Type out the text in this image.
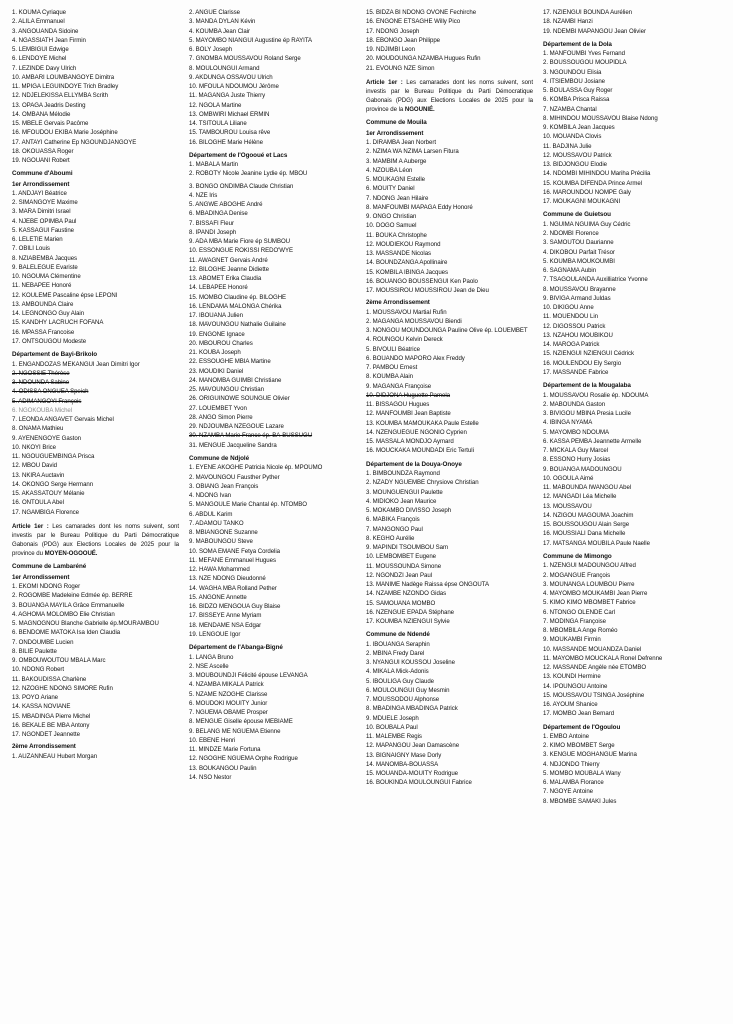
1. KOUMA Cyriaque
2. ALILA Emmanuel
3. ANGOUANDA Sidoine
4. NGASSIATH Jean Firmin
5. LEMBIGUI Edwige
6. LENDOYE Michel
7. LEZINDE Davy Ulrich
10. AMBARI LOUMBANGOYE Dimitra
11. MPIGA LEGUINDOYE Trich Bradley
12. NDJELEKISSA ELLYMBA Scrith
13. OPAGA Jeadris Desting
14. OMBANA Mélodie
15. MBELE Gervais Pacôme
16. MFOUDOU EKIBA Marie Joséphine
17. ANTAYI Catherine Ep NGOUNDJANGOYE
18. OKOUASSA Roger
19. NGOUANI Robert
Commune d'Aboumi
1er Arrondissement
1. ANDJAYI Béatrice
2. SIMANGOYE Maxime
3. MARA Dimitri Israel
4. NJEBE OPIMBA Paul
5. KASSAGUI Faustine
6. LELETIE Marien
7. OBILI Louis
8. NZIABEMBA Jacques
9. BALELEGUE Evariste
10. NGOUMA Clémentine
11. NEBAPEE Honoré
12. KOULEME Pascaline épse LEPONI
13. AMBOUNDA Claire
14. LEGNONGO Guy Alain
15. KANDHY LACRUCH FOFANA
16. MPASSA Francoise
17. ONTSOUGOU Modeste
Département de Bayi-Brikolo
1. ENGANDOZAS MEKANGUI Jean Dimitri Igor
2. NGOSSIE Thérèse
3. NDOUNDA Sabine
4. ODISSA ONGUEA Speich
5. ADIMANGOYI François
6. NGOKOUBA Michel
7. LEONDA ANGAVET Gervais Michel
8. ONAMA Mathieu
9. AYENENGOYE Gaston
10. NKOYI Brice
11. NGOUGUEMBINGA Prisca
12. MBOU David
13. NKIRA Auctavin
14. OKONGO Serge Hermann
15. AKASSATOUY Mélanie
16. ONTOULA Abel
17. NGAMBIGA Florence
Article 1er : Les camarades dont les noms suivent, sont investis par le Bureau Politique du Parti Démocratique Gabonais (PDG) aux Elections Locales de 2025 pour la province du MOYEN-OGOOUÉ.
Commune de Lambaréné
1er Arrondissement
1. EKOMI NDONG Roger
2. ROGOMBE Madeleine Edmée ép. BERRE
3. BOUANGA MAYILA Grâce Emmanuelle
4. AGHOMA MOLOMBO Elie Christian
5. MAGNOGNOU Blanche Gabrielle ép.MOURAMBOU
6. BENDOME MATOKA Isa Iden Claudia
7. ONDOUMBE Lucien
8. BILIE Paulette
9. OMBOUWOUTOU MBALA Marc
10. NDONG Robert
11. BAKOUDISSA Charlène
12. NZOGHE NDONG SIMORE Rufin
13. POYO Ariane
14. KASSA NOVIANE
15. MBADINGA Pierre Michel
16. BEKALE BE MBA Antony
17. NGONDET Jeannette
2ème Arrondissement
1. AUZANNEAU Hubert Morgan
2. ANGUE Clarisse
3. MANDA DYLAN Kévin
4. KOUMBA Jean Clair
5. MAYOMBO NIANGUI Augustine ép RAYITA
6. BOLY Joseph
7. GNOMBA MOUSSAVOU Roland Serge
8. MOULOUNGUI Armand
9. AKDUNGA OSSAVOU Ulrich
10. MFOULA NDOUMOU Jérôme
11. MAGANGA Juste Thierry
12. NGOLA Martine
13. OMBWIRI Michael ERMIN
14. TSITOULA Liliane
15. TAMBOUROU Louisa rêve
16. BILOGHE Marie Hélène
Département de l'Ogooué et Lacs
1. MABALA Martin
2. ROBOTY Nicole Jeanine Lydie ép. MBOU
3. BONGO ONDIMBA Claude Christian
4. NZE Iris
5. ANGWE ABOGHE André
6. MBADINGA Denise
7. BISSAFI Fleur
8. IPANDI Joseph
9. ADA MBA Marie Fiore ép SUMBOU
10. ESSONGUE ROKISSI REDO'WYE
11. AWAGNET Gervais André
12. BILOGHE Jeanne Didiette
13. ABOMET Erika Claudia
14. LEBAPEE Honoré
15. MOMBO Claudine ép. BILOGHE
16. LENDAMA MALONGA Chérika
17. IBOUANA Julien
18. MAVOUNGOU Nathalie Guilaine
19. ENGONE Ignace
20. MBOUROU Charles
21. KOUBA Joseph
22. ESSOUGHE MBIA Martine
23. MOUDIKI Daniel
24. MANOMBA GUIMBI Christiane
25. MAVOUNGOU Christian
26. ORIGUINOWE SOUNGUE Olivier
27. LOUEMBET Yvon
28. ANGO Simon Pierre
29. NDJOUMBA NZEGOUE Lazare
30. NZAMBA Marie France ép. BA-BUSSUGU
31. MENGUE Jacqueline Sandra
Commune de Ndjolé
1. EYENE AKOGHE Patricia Nicole ép. MPOUMO
2. MAVOUNGOU Fausther Pyther
3. OBIANG Jean François
4. NDONG Ivan
5. MANGOULE Marie Chantal ép. NTOMBO
6. ABDUL Karim
7. ADAMOU TANKO
8. MBIANGONE Suzanne
9. MABOUNGOU Steve
10. SOMA EMANE Fetya Cordelia
11. MEFANE Emmanuel Hugues
12. HAWA Mohammed
13. NZE NDONG Dieudonné
14. WAGHA MBA Rolland Pether
15. ANGONE Annette
16. BIDZO MENGOUA Guy Blaise
17. BISSEYE Anne Myriam
18. MENDAME NSA Edgar
19. LENGOUE Igor
Département de l'Abanga-Bigné
1. LANGA Bruno
2. NSE Ascelle
3. MOUBOUNDJI Félicité épouse LEVANGA
4. NZAMBA MIKALA Patrick
5. NZAME NZOGHE Clarisse
6. MOUDOKI MOUITY Junior
7. NGUEMA OBAME Prosper
8. MENGUE Giselle épouse MEBIAME
9. BELANG ME NGUEMA Etienne
10. EBENE Henri
11. MINDZE Marie Fortuna
12. NGOGHE NGUEMA Orphe Rodrigue
13. BOUKANGOU Paulin
14. NSO Nestor
15. BIDZA BI NDONG OVONE Fechirche
16. ENGONE ETSAGHE Willy Pico
17. NDONG Joseph
18. EBONGO Jean Philippe
19. NDJIMBI Leon
20. MOUDOUNGA NZAMBA Hugues Rufin
21. EVOUNG NZE Simon
Article 1er : Les camarades dont les noms suivent, sont investis par le Bureau Politique du Parti Démocratique Gabonais (PDG) aux Elections Locales de 2025 pour la province de la NGOUNIÉ.
Commune de Mouila
1er Arrondissement
1. DIRAMBA Jean Norbert
2. NZIMA WA NZIMA Larsen Fitura
3. MAMBIM A Auberge
4. NZOUBA Léon
5. MOUKAGNI Estelle
6. MOUITY Daniel
7. NDONG Jean Hilaire
8. MANFOUMBI MAPAGA Eddy Honoré
9. ONGO Christian
10. DOGO Samuel
11. BOUKA Christophe
12. MOUDIEKOU Raymond
13. MASSANDE Nicolas
14. BOUNDZANGA Apollinaire
15. KOMBILA IBINGA Jacques
16. BOUANGO BOUSSENGUI Ken Paolo
17. MOUSSIROU MOUSSIROU Jean de Dieu
2ème Arrondissement
1. MOUSSAVOU Martial Rufin
2. MAGANGA MOUSSAVOU Biendi
3. NONGOU MOUNDOUNGA Pauline Olive ép. LOUEMBET
4. ROUNGOU Kelvin Dereck
5. BIVOULI Béatrice
6. BOUANDO MAPORO Alex Freddy
7. PAMBOU Ernest
8. KOUMBA Alain
9. MAGANGA Françoise
10. DIDJONA Huguette Pamela
11. BISSAGOU Hugues
12. MANFOUMBI Jean Baptiste
13. KOUMBA MAMOUKAKA Paule Estelle
14. NZENGUEGUE NGONIO Cyprien
15. MASSALA MONDJO Aymard
16. MOUCKAKA MOUNDADI Eric Tertuli
Département de la Douya-Onoye
1. BIMBOUNDZA Raymond
2. NZADY NGUEMBE Chrysiove Christian
3. MOUNGUENGUI Paulette
4. MIDIOKO Jean Maurice
5. MOKAMBO DIVISSO Joseph
6. MABIKA François
7. MANGONGO Paul
8. KEGHO Aurélie
9. MAPINDI TSOUMBOU Sam
10. LEMBOMBET Eugene
11. MOUSSOUNDA Simone
12. NGONDZI Jean Paul
13. MANIME Nadège Raissa épse ONGOUTA
14. NZAMBE NZONDO Gidas
15. SAMOUANA MOMBO
16. NZENGUE EPADA Stéphane
17. KOUMBA NZIENGUI Sylvie
Commune de Ndendé
1. IBOUANGA Seraphin
2. MBINA Fredy Darel
3. NYANGUI KOUSSOU Joseline
4. MIKALA Mick-Adonis
5. IBOULIGA Guy Claude
6. MOULOUNGUI Guy Mesmin
7. MOUSSODOU Alphonse
8. MBADINGA MBADINGA Patrick
9. MDUELE Joseph
10. BOUBALA Paul
11. MALEMBE Regis
12. MAPANGOU Jean Damascène
13. BIGNAIGNY Mase Dorly
14. MANOMBA-BOUASSA
15. MOUANDA-MOUITY Rodrigue
16. BOUKINDA MOULOUNGUI Fabrice
17. NZIENGUI BOUNDA Aurélien
18. NZAMBI Hanzi
19. NDEMBI MAPANGOU Jean Olivier
Département de la Dola
1. MANFOUMBI Yves Fernand
2. BOUSSOUGOU MOUPIDLA
3. NGOUNDOU Elisia
4. ITSIEMBOU Josiane
5. BOULASSA Guy Roger
6. KOMBA Prisca Raissa
7. NZAMBA Chantal
8. MIHINDOU MOUSSAVOU Blaise Ndong
9. KOMBILA Jean Jacques
10. MOUANDA Clovis
11. BADJINA Julie
12. MOUSSAVOU Patrick
13. BIDJONGOU Elodie
14. NDOMBI MIHINDOU Mariha Précilia
15. KOUMBA DIFENDA Prince Armel
16. MAROUNDOU NOMPE Galy
17. MOUKAGNI MOUKAGNI
Commune de Guietsou
1. NGUIMA NGUIMA Guy Cédric
2. NDOMBI Florence
3. SAMOUTOU Daurianne
4. DIKOBOU Parfait Trésor
5. KOUMBA MOUKOUMBI
6. SAGNAMA Aubin
7. TSAGOULANDA Auxilliatrice Yvonne
8. MOUSSAVOU Brayanne
9. BIVIGA Armand Juldas
10. DIKIGOU Anne
11. MOUENDOU Lin
12. DIGOSSOU Patrick
13. NZAHOU MOUBIKOU
14. MAROGA Patrick
15. NZIENGUI NZIENGUI Cédrick
16. MOULENDOU Ely Sergio
17. MASSANDE Fabrice
Département de la Mougalaba
1. MOUSSAVOU Rosalie ép. NDOUMA
2. MABOUNDA Gaston
3. BIVIGOU MBINA Presia Lucile
4. IBINGA NYAMA
5. MAYOMBO NDOUMA
6. KASSA PEMBA Jeannette Armelle
7. MICKALA Guy Marcel
8. ESSONO Hurry Josias
9. BOUANGA MADOUNGOU
10. OGOULA Aimé
11. MABOUNDA IWANGOU Abel
12. MANGADI Léa Michelle
13. MOUSSAVOU
14. NZIGOU MAGOUMA Joachim
15. BOUSSOUGOU Alain Serge
16. MOUSSIALI Dana Michelle
17. MATSANGA MOUBILA Paule Naelle
Commune de Mimongo
1. NZENGUI MADOUNGOU Alfred
2. MOGANGUE François
3. MOUNANGA LOUMBOU Pierre
4. MAYOMBO MOUKAMBI Jean Pierre
5. KIMO KIMO MBOMBET Fabrice
6. NTONGO OLENDE Carl
7. MODINGA Françoise
8. MBOMBILA Ange Roméo
9. MOUKAMBI Firmin
10. MASSANDE MOUANDZA Daniel
11. MAYOMBO MOUCKALA Ronel Defrenne
12. MASSANDE Angèle née ETOMBO
13. KOUNDI Hermine
14. IPOUNGOU Antoine
15. MOUSSAVOU TSINGA Joséphine
16. AYOUM Shanice
17. MOMBO Jean Bernard
Département de l'Ogoulou
1. EMBO Antoine
2. KIMO MBOMBET Serge
3. KENGUE MOGHANGUE Marina
4. NDJONDO Thierry
5. MOMBO MOUBALA Wany
6. MALAMBA Florance
7. NGOYE Antoine
8. MBOMBE SAMAKI Jules
